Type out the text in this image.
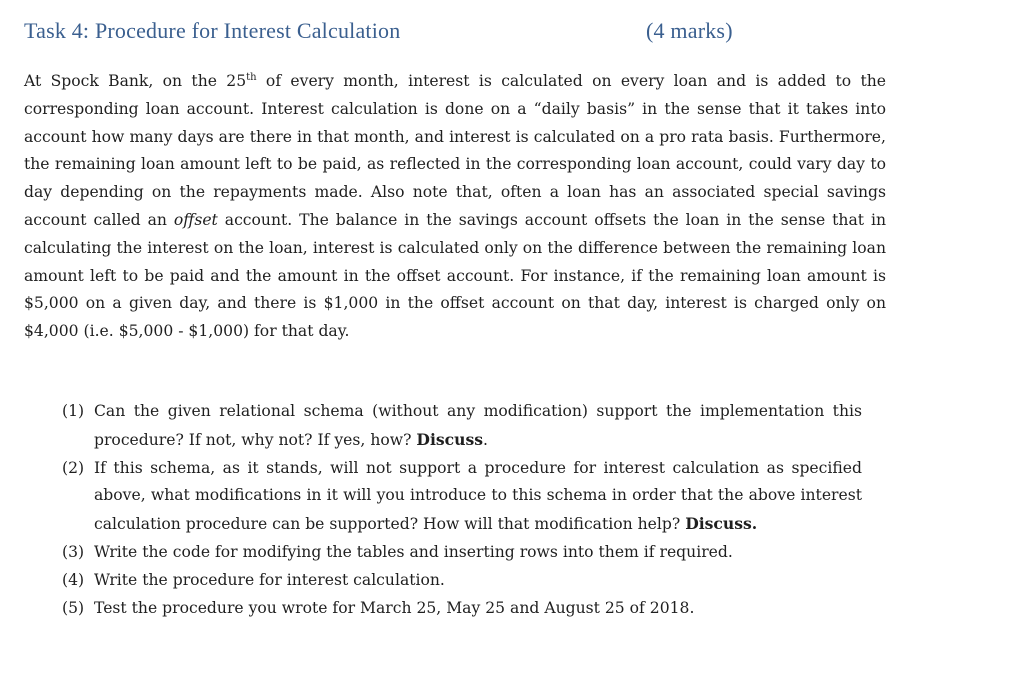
Task 4: Procedure for Interest Calculation	(4 marks)

At Spock Bank, on the 25th of every month, interest is calculated on every loan and is added to the corresponding loan account. Interest calculation is done on a “daily basis” in the sense that it takes into account how many days are there in that month, and interest is calculated on a pro rata basis. Furthermore, the remaining loan amount left to be paid, as reflected in the corresponding loan account, could vary day to day depending on the repayments made. Also note that, often a loan has an associated special savings account called an offset account. The balance in the savings account offsets the loan in the sense that in calculating the interest on the loan, interest is calculated only on the difference between the remaining loan amount left to be paid and the amount in the offset account. For instance, if the remaining loan amount is $5,000 on a given day, and there is $1,000 in the offset account on that day, interest is charged only on $4,000 (i.e. $5,000 - $1,000) for that day.

(1) Can the given relational schema (without any modification) support the implementation this procedure? If not, why not? If yes, how? Discuss.
(2) If this schema, as it stands, will not support a procedure for interest calculation as specified above, what modifications in it will you introduce to this schema in order that the above interest calculation procedure can be supported? How will that modification help? Discuss.
(3) Write the code for modifying the tables and inserting rows into them if required.
(4) Write the procedure for interest calculation.
(5) Test the procedure you wrote for March 25, May 25 and August 25 of 2018.
